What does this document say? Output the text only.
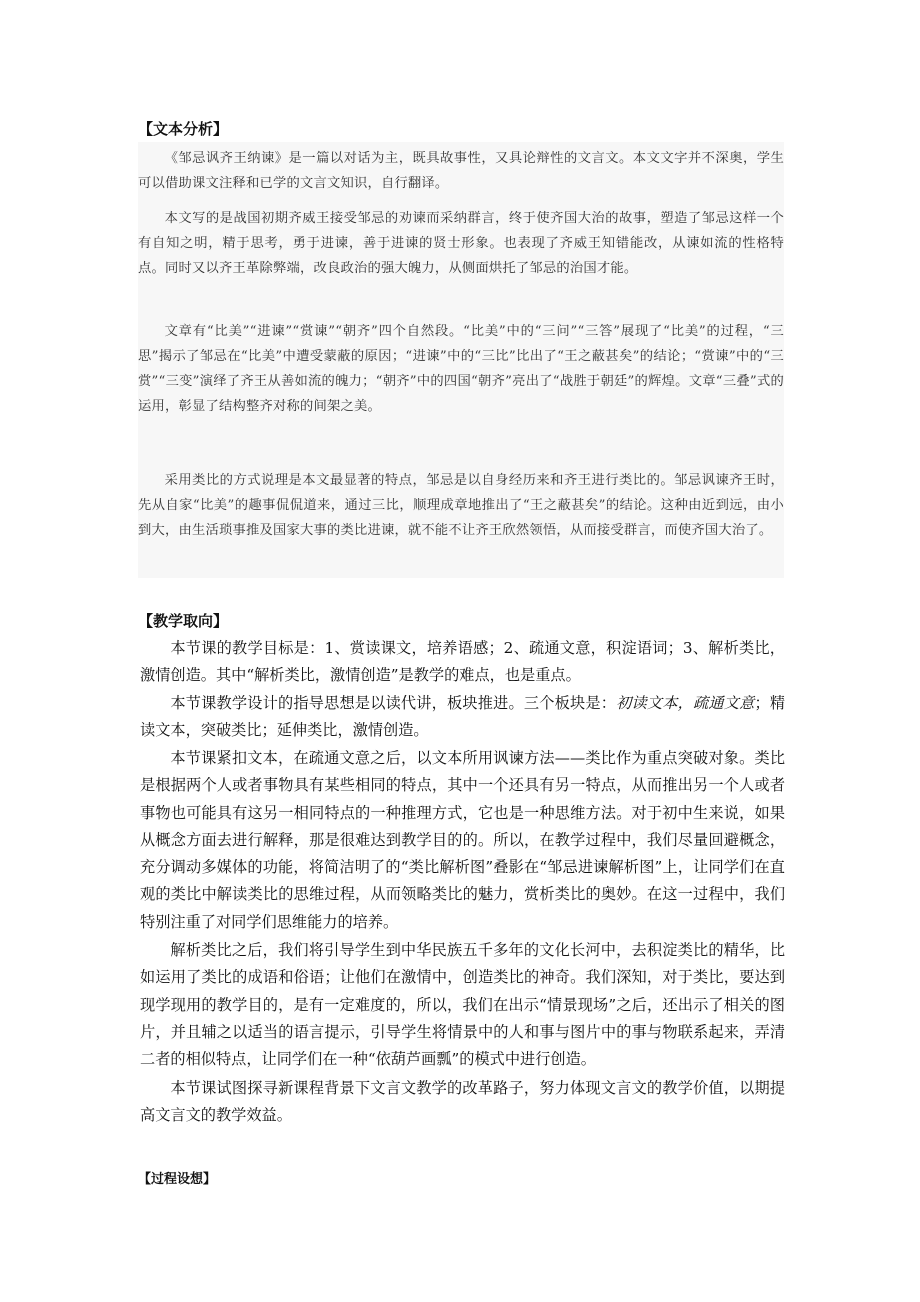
【文本分析】

《邹忌讽齐王纳谏》是一篇以对话为主，既具故事性，又具论辩性的文言文。本文文字并不深奥，学生可以借助课文注释和已学的文言文知识，自行翻译。

本文写的是战国初期齐威王接受邹忌的劝谏而采纳群言，终于使齐国大治的故事，塑造了邹忌这样一个有自知之明，精于思考，勇于进谏，善于进谏的贤士形象。也表现了齐威王知错能改，从谏如流的性格特点。同时又以齐王革除弊端，改良政治的强大魄力，从侧面烘托了邹忌的治国才能。

文章有“比美”“进谏”“赏谏”“朝齐”四个自然段。“比美”中的“三问”“三答”展现了“比美”的过程，“三思”揭示了邹忌在“比美”中遭受蒙蔽的原因；“进谏”中的“三比”比出了“王之蔽甚矣”的结论；“赏谏”中的“三赏”“三变”演绎了齐王从善如流的魄力；“朝齐”中的四国“朝齐”亮出了“战胜于朝廷”的辉煌。文章“三叠”式的运用，彰显了结构整齐对称的间架之美。

采用类比的方式说理是本文最显著的特点，邹忌是以自身经历来和齐王进行类比的。邹忌讽谏齐王时，先从自家“比美”的趣事侃侃道来，通过三比，顺理成章地推出了“王之蔽甚矣”的结论。这种由近到远，由小到大，由生活琐事推及国家大事的类比进谏，就不能不让齐王欣然领悟，从而接受群言，而使齐国大治了。

【教学取向】

本节课的教学目标是：1、赏读课文，培养语感；2、疏通文意，积淀语词；3、解析类比，激情创造。其中“解析类比，激情创造”是教学的难点，也是重点。

本节课教学设计的指导思想是以读代讲，板块推进。三个板块是：初读文本，疏通文意；精读文本，突破类比；延伸类比，激情创造。

本节课紧扣文本，在疏通文意之后，以文本所用讽谏方法——类比作为重点突破对象。类比是根据两个人或者事物具有某些相同的特点，其中一个还具有另一特点，从而推出另一个人或者事物也可能具有这另一相同特点的一种推理方式，它也是一种思维方法。对于初中生来说，如果从概念方面去进行解释，那是很难达到教学目的的。所以，在教学过程中，我们尽量回避概念，充分调动多媒体的功能，将简洁明了的“类比解析图”叠影在“邹忌进谏解析图”上，让同学们在直观的类比中解读类比的思维过程，从而领略类比的魅力，赏析类比的奥妙。在这一过程中，我们特别注重了对同学们思维能力的培养。

解析类比之后，我们将引导学生到中华民族五千多年的文化长河中，去积淀类比的精华，比如运用了类比的成语和俗语；让他们在激情中，创造类比的神奇。我们深知，对于类比，要达到现学现用的教学目的，是有一定难度的，所以，我们在出示“情景现场”之后，还出示了相关的图片，并且辅之以适当的语言提示，引导学生将情景中的人和事与图片中的事与物联系起来，弄清二者的相似特点，让同学们在一种“依葫芦画瓢”的模式中进行创造。

本节课试图探寻新课程背景下文言文教学的改革路子，努力体现文言文的教学价值，以期提高文言文的教学效益。

【过程设想】
